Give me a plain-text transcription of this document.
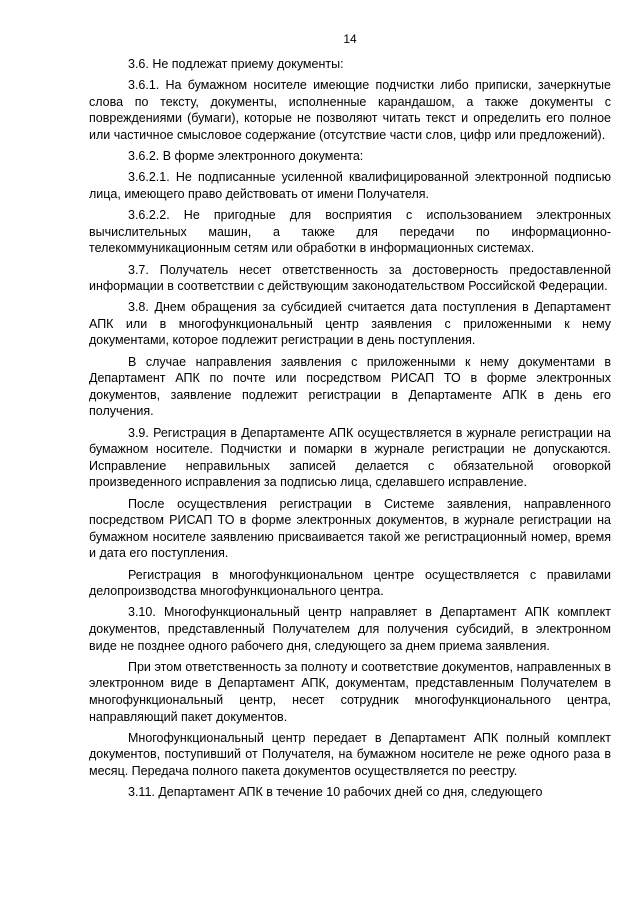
14

3.6. Не подлежат приему документы:

3.6.1. На бумажном носителе имеющие подчистки либо приписки, зачеркнутые слова по тексту, документы, исполненные карандашом, а также документы с повреждениями (бумаги), которые не позволяют читать текст и определить его полное или частичное смысловое содержание (отсутствие части слов, цифр или предложений).

3.6.2. В форме электронного документа:

3.6.2.1. Не подписанные усиленной квалифицированной электронной подписью лица, имеющего право действовать от имени Получателя.

3.6.2.2. Не пригодные для восприятия с использованием электронных вычислительных машин, а также для передачи по информационно-телекоммуникационным сетям или обработки в информационных системах.

3.7. Получатель несет ответственность за достоверность предоставленной информации в соответствии с действующим законодательством Российской Федерации.

3.8. Днем обращения за субсидией считается дата поступления в Департамент АПК или в многофункциональный центр заявления с приложенными к нему документами, которое подлежит регистрации в день поступления.

В случае направления заявления с приложенными к нему документами в Департамент АПК по почте или посредством РИСАП ТО в форме электронных документов, заявление подлежит регистрации в Департаменте АПК в день его получения.

3.9. Регистрация в Департаменте АПК осуществляется в журнале регистрации на бумажном носителе. Подчистки и помарки в журнале регистрации не допускаются. Исправление неправильных записей делается с обязательной оговоркой произведенного исправления за подписью лица, сделавшего исправление.

После осуществления регистрации в Системе заявления, направленного посредством РИСАП ТО в форме электронных документов, в журнале регистрации на бумажном носителе заявлению присваивается такой же регистрационный номер, время и дата его поступления.

Регистрация в многофункциональном центре осуществляется с правилами делопроизводства многофункционального центра.

3.10. Многофункциональный центр направляет в Департамент АПК комплект документов, представленный Получателем для получения субсидий, в электронном виде не позднее одного рабочего дня, следующего за днем приема заявления.

При этом ответственность за полноту и соответствие документов, направленных в электронном виде в Департамент АПК, документам, представленным Получателем в многофункциональный центр, несет сотрудник многофункционального центра, направляющий пакет документов.

Многофункциональный центр передает в Департамент АПК полный комплект документов, поступивший от Получателя, на бумажном носителе не реже одного раза в месяц. Передача полного пакета документов осуществляется по реестру.

3.11. Департамент АПК в течение 10 рабочих дней со дня, следующего
